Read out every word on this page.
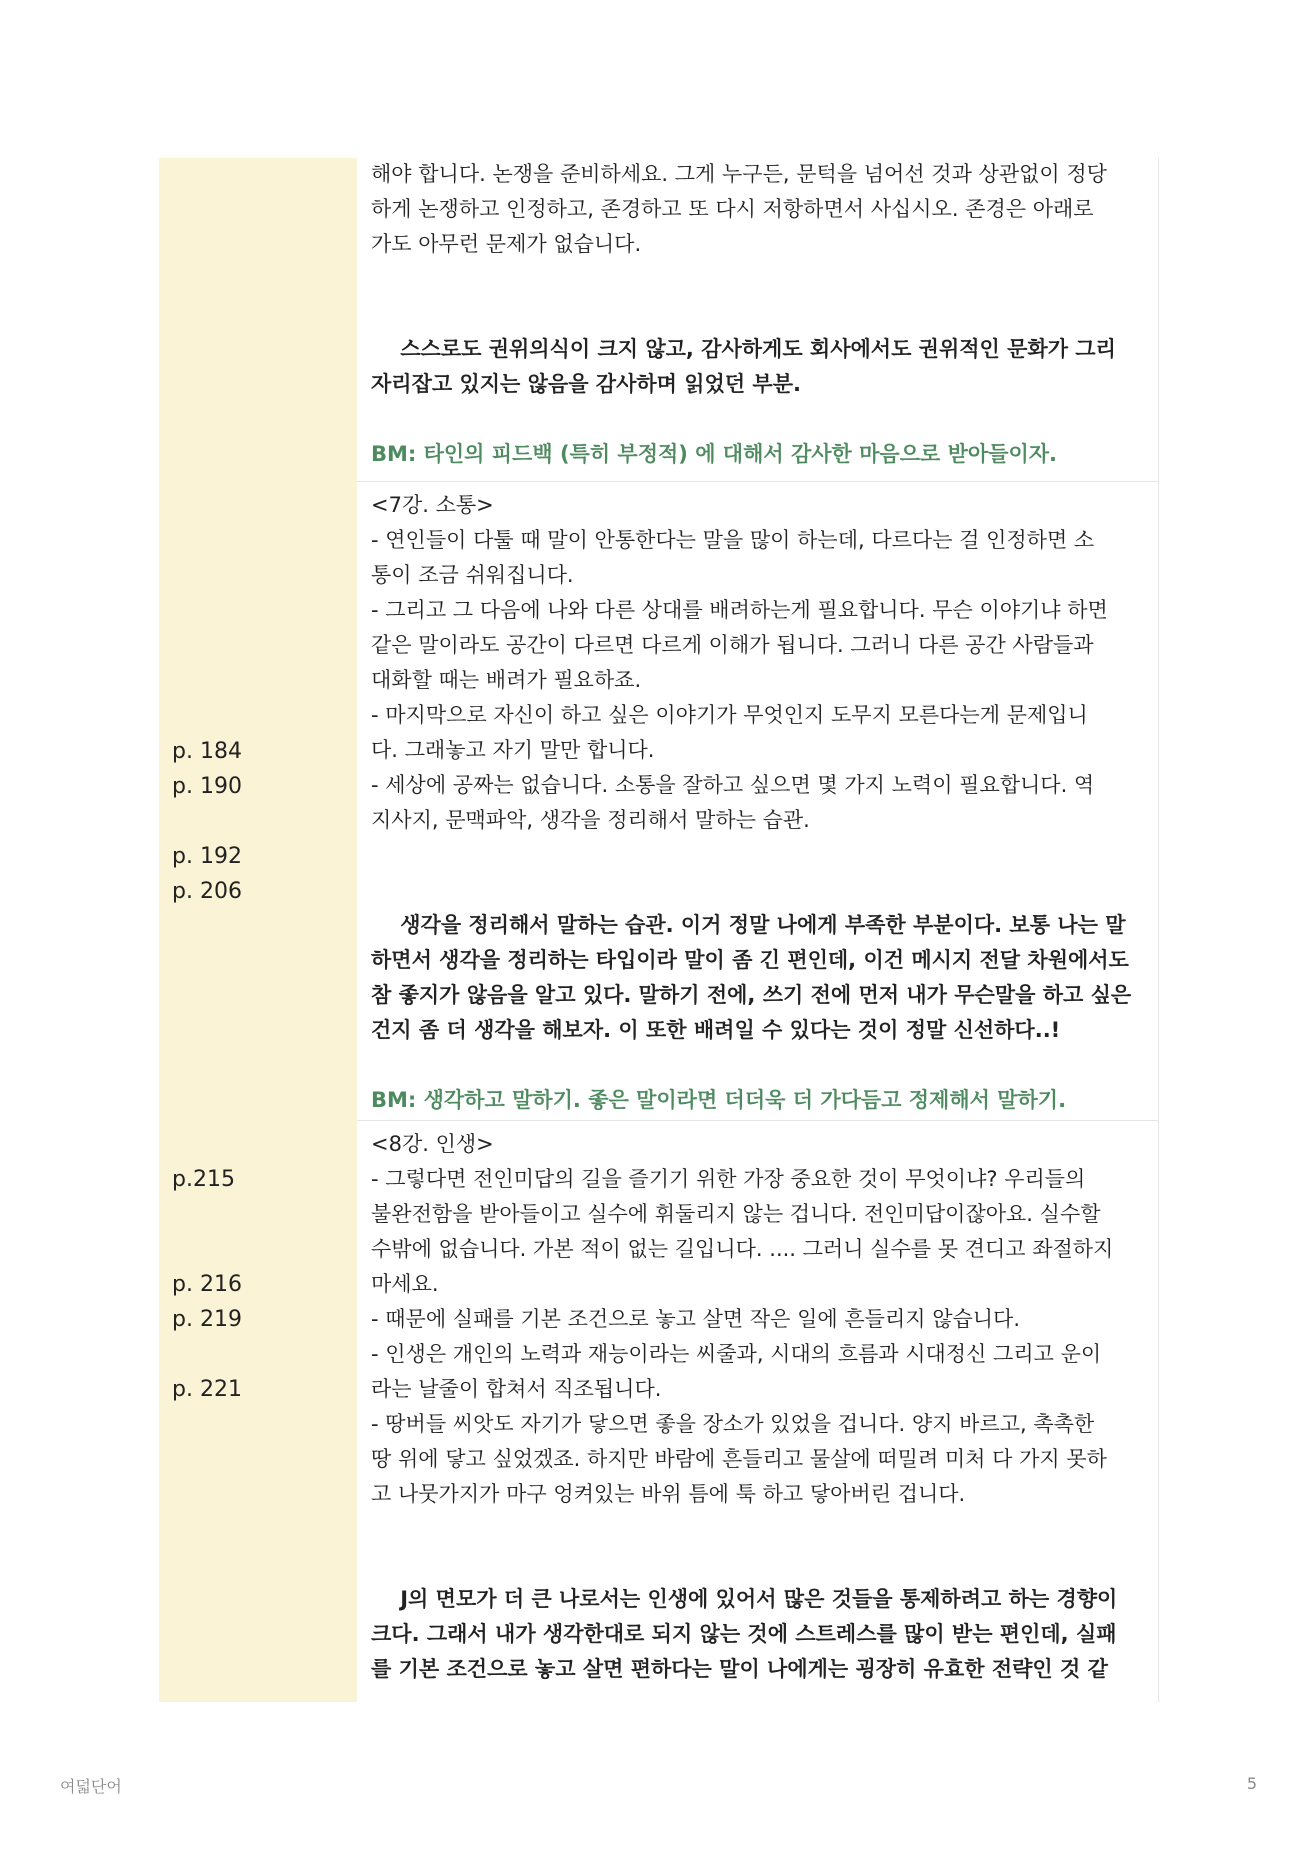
해야 합니다. 논쟁을 준비하세요. 그게 누구든, 문턱을 넘어선 것과 상관없이 정당
하게 논쟁하고 인정하고, 존경하고 또 다시 저항하면서 사십시오. 존경은 아래로
가도 아무런 문제가 없습니다.
스스로도 권위의식이 크지 않고, 감사하게도 회사에서도 권위적인 문화가 그리
자리잡고 있지는 않음을 감사하며 읽었던 부분.
BM: 타인의 피드백 (특히 부정적) 에 대해서 감사한 마음으로 받아들이자.
p. 184
p. 190
p. 192
p. 206
<7강. 소통>
- 연인들이 다툴 때 말이 안통한다는 말을 많이 하는데, 다르다는 걸 인정하면 소
통이 조금 쉬워집니다.
- 그리고 그 다음에 나와 다른 상대를 배려하는게 필요합니다. 무슨 이야기냐 하면
같은 말이라도 공간이 다르면 다르게 이해가 됩니다. 그러니 다른 공간 사람들과
대화할 때는 배려가 필요하죠.
- 마지막으로 자신이 하고 싶은 이야기가 무엇인지 도무지 모른다는게 문제입니
다. 그래놓고 자기 말만 합니다.
- 세상에 공짜는 없습니다. 소통을 잘하고 싶으면 몇 가지 노력이 필요합니다. 역
지사지, 문맥파악, 생각을 정리해서 말하는 습관.
생각을 정리해서 말하는 습관. 이거 정말 나에게 부족한 부분이다. 보통 나는 말
하면서 생각을 정리하는 타입이라 말이 좀 긴 편인데, 이건 메시지 전달 차원에서도
참 좋지가 않음을 알고 있다. 말하기 전에, 쓰기 전에 먼저 내가 무슨말을 하고 싶은
건지 좀 더 생각을 해보자. 이 또한 배려일 수 있다는 것이 정말 신선하다..!
BM: 생각하고 말하기. 좋은 말이라면 더더욱 더 가다듬고 정제해서 말하기.
p.215
p. 216
p. 219
p. 221
<8강. 인생>
- 그렇다면 전인미답의 길을 즐기기 위한 가장 중요한 것이 무엇이냐? 우리들의
불완전함을 받아들이고 실수에 휘둘리지 않는 겁니다. 전인미답이잖아요. 실수할
수밖에 없습니다. 가본 적이 없는 길입니다. .... 그러니 실수를 못 견디고 좌절하지
마세요.
- 때문에 실패를 기본 조건으로 놓고 살면 작은 일에 흔들리지 않습니다.
- 인생은 개인의 노력과 재능이라는 씨줄과, 시대의 흐름과 시대정신 그리고 운이
라는 날줄이 합쳐서 직조됩니다.
- 땅버들 씨앗도 자기가 닿으면 좋을 장소가 있었을 겁니다. 양지 바르고, 촉촉한
땅 위에 닿고 싶었겠죠. 하지만 바람에 흔들리고 물살에 떠밀려 미처 다 가지 못하
고 나뭇가지가 마구 엉켜있는 바위 틈에 툭 하고 닿아버린 겁니다.
J의 면모가 더 큰 나로서는 인생에 있어서 많은 것들을 통제하려고 하는 경향이
크다. 그래서 내가 생각한대로 되지 않는 것에 스트레스를 많이 받는 편인데, 실패
를 기본 조건으로 놓고 살면 편하다는 말이 나에게는 굉장히 유효한 전략인 것 같
여덟단어	5
